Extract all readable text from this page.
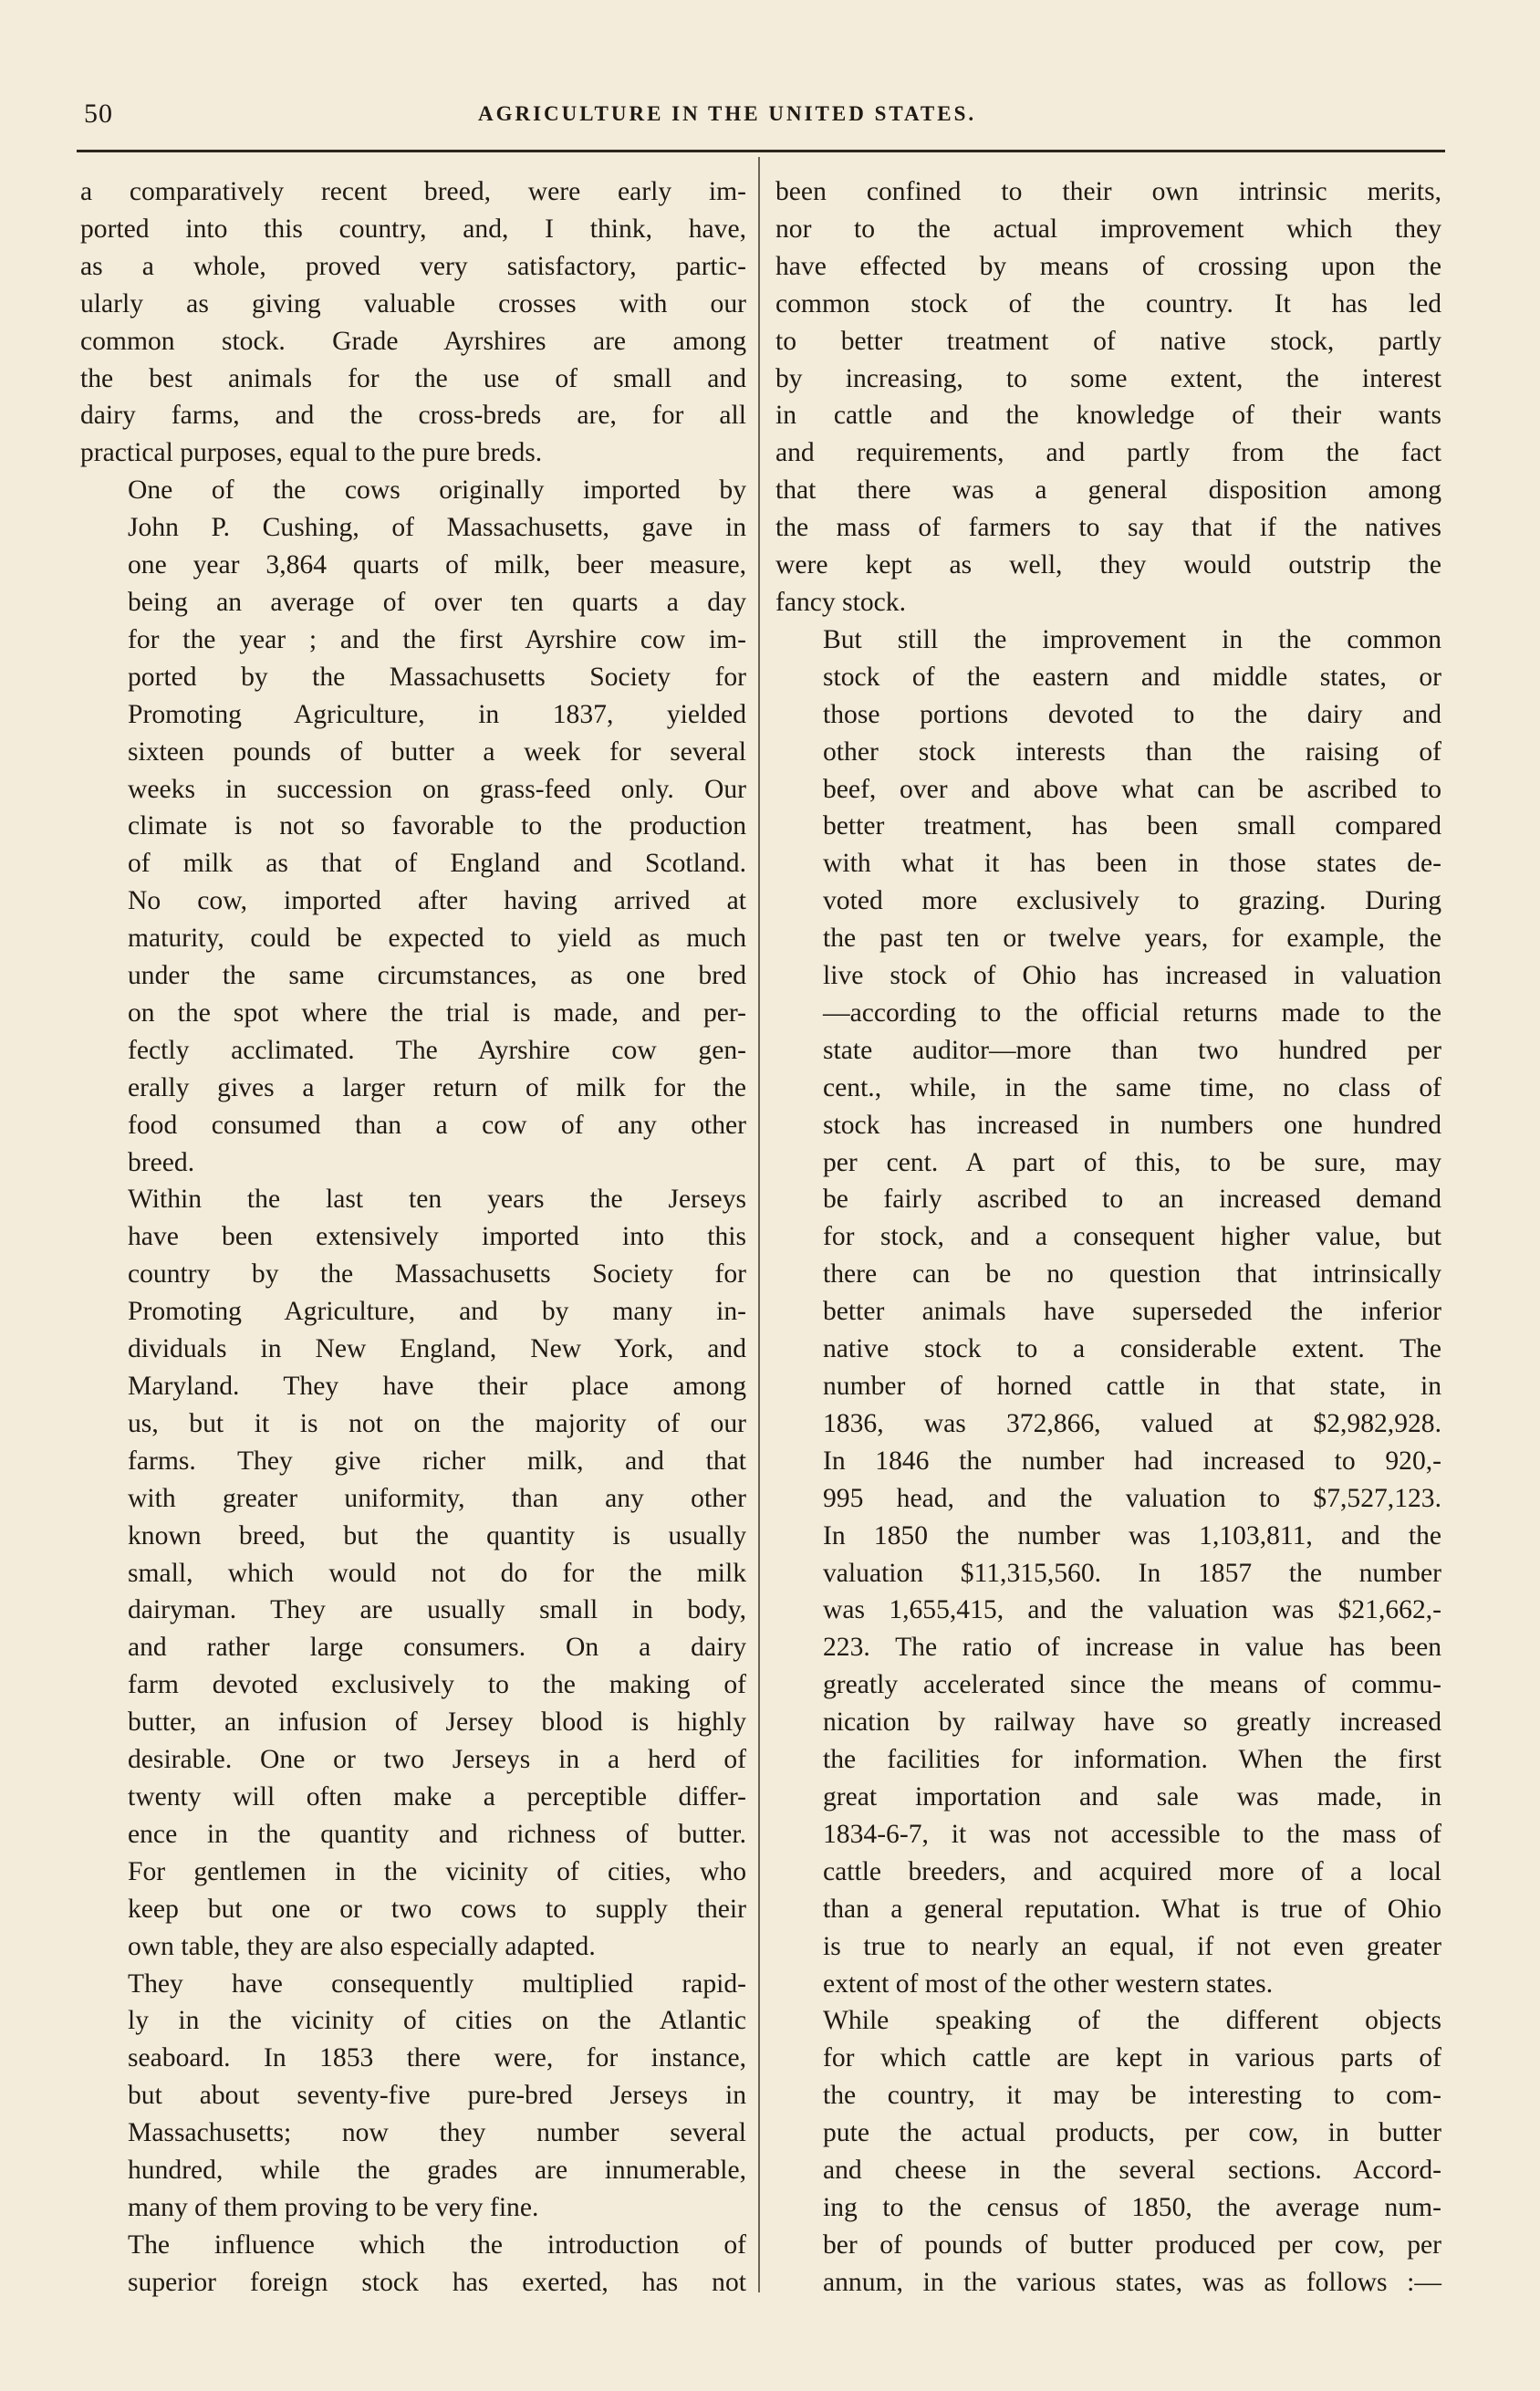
50	AGRICULTURE IN THE UNITED STATES.

a comparatively recent breed, were early im-
ported into this country, and, I think, have,
as a whole, proved very satisfactory, partic-
ularly as giving valuable crosses with our
common stock. Grade Ayrshires are among
the best animals for the use of small and
dairy farms, and the cross-breds are, for all
practical purposes, equal to the pure breds.

One of the cows originally imported by
John P. Cushing, of Massachusetts, gave in
one year 3,864 quarts of milk, beer measure,
being an average of over ten quarts a day
for the year ; and the first Ayrshire cow im-
ported by the Massachusetts Society for
Promoting Agriculture, in 1837, yielded
sixteen pounds of butter a week for several
weeks in succession on grass-feed only. Our
climate is not so favorable to the production
of milk as that of England and Scotland.
No cow, imported after having arrived at
maturity, could be expected to yield as much
under the same circumstances, as one bred
on the spot where the trial is made, and per-
fectly acclimated. The Ayrshire cow gen-
erally gives a larger return of milk for the
food consumed than a cow of any other
breed.

Within the last ten years the Jerseys
have been extensively imported into this
country by the Massachusetts Society for
Promoting Agriculture, and by many in-
dividuals in New England, New York, and
Maryland. They have their place among
us, but it is not on the majority of our
farms. They give richer milk, and that
with greater uniformity, than any other
known breed, but the quantity is usually
small, which would not do for the milk
dairyman. They are usually small in body,
and rather large consumers. On a dairy
farm devoted exclusively to the making of
butter, an infusion of Jersey blood is highly
desirable. One or two Jerseys in a herd of
twenty will often make a perceptible differ-
ence in the quantity and richness of butter.
For gentlemen in the vicinity of cities, who
keep but one or two cows to supply their
own table, they are also especially adapted.

They have consequently multiplied rapid-
ly in the vicinity of cities on the Atlantic
seaboard. In 1853 there were, for instance,
but about seventy-five pure-bred Jerseys in
Massachusetts; now they number several
hundred, while the grades are innumerable,
many of them proving to be very fine.

The influence which the introduction of
superior foreign stock has exerted, has not

been confined to their own intrinsic merits,
nor to the actual improvement which they
have effected by means of crossing upon the
common stock of the country. It has led
to better treatment of native stock, partly
by increasing, to some extent, the interest
in cattle and the knowledge of their wants
and requirements, and partly from the fact
that there was a general disposition among
the mass of farmers to say that if the natives
were kept as well, they would outstrip the
fancy stock.

But still the improvement in the common
stock of the eastern and middle states, or
those portions devoted to the dairy and
other stock interests than the raising of
beef, over and above what can be ascribed to
better treatment, has been small compared
with what it has been in those states de-
voted more exclusively to grazing. During
the past ten or twelve years, for example, the
live stock of Ohio has increased in valuation
—according to the official returns made to the
state auditor—more than two hundred per
cent., while, in the same time, no class of
stock has increased in numbers one hundred
per cent. A part of this, to be sure, may
be fairly ascribed to an increased demand
for stock, and a consequent higher value, but
there can be no question that intrinsically
better animals have superseded the inferior
native stock to a considerable extent. The
number of horned cattle in that state, in
1836, was 372,866, valued at $2,982,928.
In 1846 the number had increased to 920,-
995 head, and the valuation to $7,527,123.
In 1850 the number was 1,103,811, and the
valuation $11,315,560. In 1857 the number
was 1,655,415, and the valuation was $21,662,-
223. The ratio of increase in value has been
greatly accelerated since the means of commu-
nication by railway have so greatly increased
the facilities for information. When the first
great importation and sale was made, in
1834-6-7, it was not accessible to the mass of
cattle breeders, and acquired more of a local
than a general reputation. What is true of Ohio
is true to nearly an equal, if not even greater
extent of most of the other western states.

While speaking of the different objects
for which cattle are kept in various parts of
the country, it may be interesting to com-
pute the actual products, per cow, in butter
and cheese in the several sections. Accord-
ing to the census of 1850, the average num-
ber of pounds of butter produced per cow, per
annum, in the various states, was as follows :—
